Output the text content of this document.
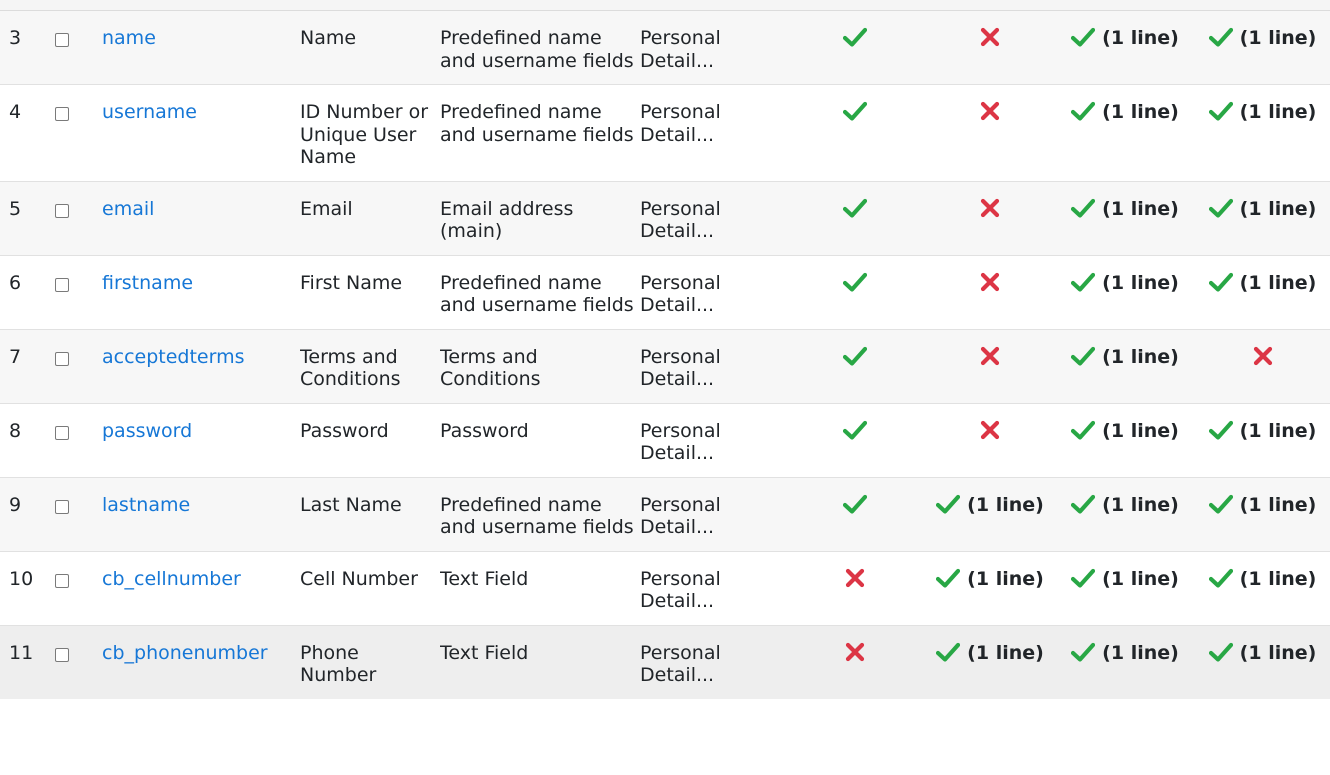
3	name	Name	Predefined name and username fields	Personal Detail...			(1 line)	(1 line)
4	username	ID Number or Unique User Name	Predefined name and username fields	Personal Detail...			(1 line)	(1 line)
5	email	Email	Email address (main)	Personal Detail...			(1 line)	(1 line)
6	firstname	First Name	Predefined name and username fields	Personal Detail...			(1 line)	(1 line)
7	acceptedterms	Terms and Conditions	Terms and Conditions	Personal Detail...			(1 line)	
8	password	Password	Password	Personal Detail...			(1 line)	(1 line)
9	lastname	Last Name	Predefined name and username fields	Personal Detail...		(1 line)	(1 line)	(1 line)
10	cb_cellnumber	Cell Number	Text Field	Personal Detail...		(1 line)	(1 line)	(1 line)
11	cb_phonenumber	Phone Number	Text Field	Personal Detail...		(1 line)	(1 line)	(1 line)
